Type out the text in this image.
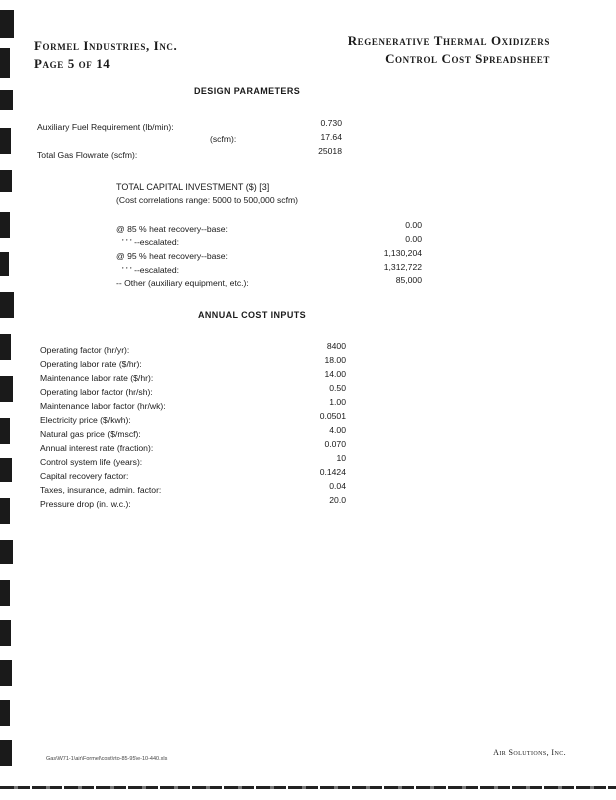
Formel Industries, Inc.
Page 5 of 14
Regenerative Thermal Oxidizers
Control Cost Spreadsheet
DESIGN PARAMETERS
Auxiliary Fuel Requirement (lb/min):	0.730
(scfm):	17.64
Total Gas Flowrate (scfm):	25018
TOTAL CAPITAL INVESTMENT ($) [3]
(Cost correlations range: 5000 to 500,000 scfm)
@ 85 % heat recovery--base:	0.00
' ' ' --escalated:	0.00
@ 95 % heat recovery--base:	1,130,204
' ' ' --escalated:	1,312,722
-- Other (auxiliary equipment, etc.):	85,000
ANNUAL COST INPUTS
Operating factor (hr/yr):	8400
Operating labor rate ($/hr):	18.00
Maintenance labor rate ($/hr):	14.00
Operating labor factor (hr/sh):	0.50
Maintenance labor factor (hr/wk):	1.00
Electricity price ($/kwh):	0.0501
Natural gas price ($/mscf):	4.00
Annual interest rate (fraction):	0.070
Control system life (years):	10
Capital recovery factor:	0.1424
Taxes, insurance, admin. factor:	0.04
Pressure drop (in. w.c.):	20.0
Gas\W71-1\air\Formel\cost\rto-85-95\e-10-440.xls
Air Solutions, Inc.
